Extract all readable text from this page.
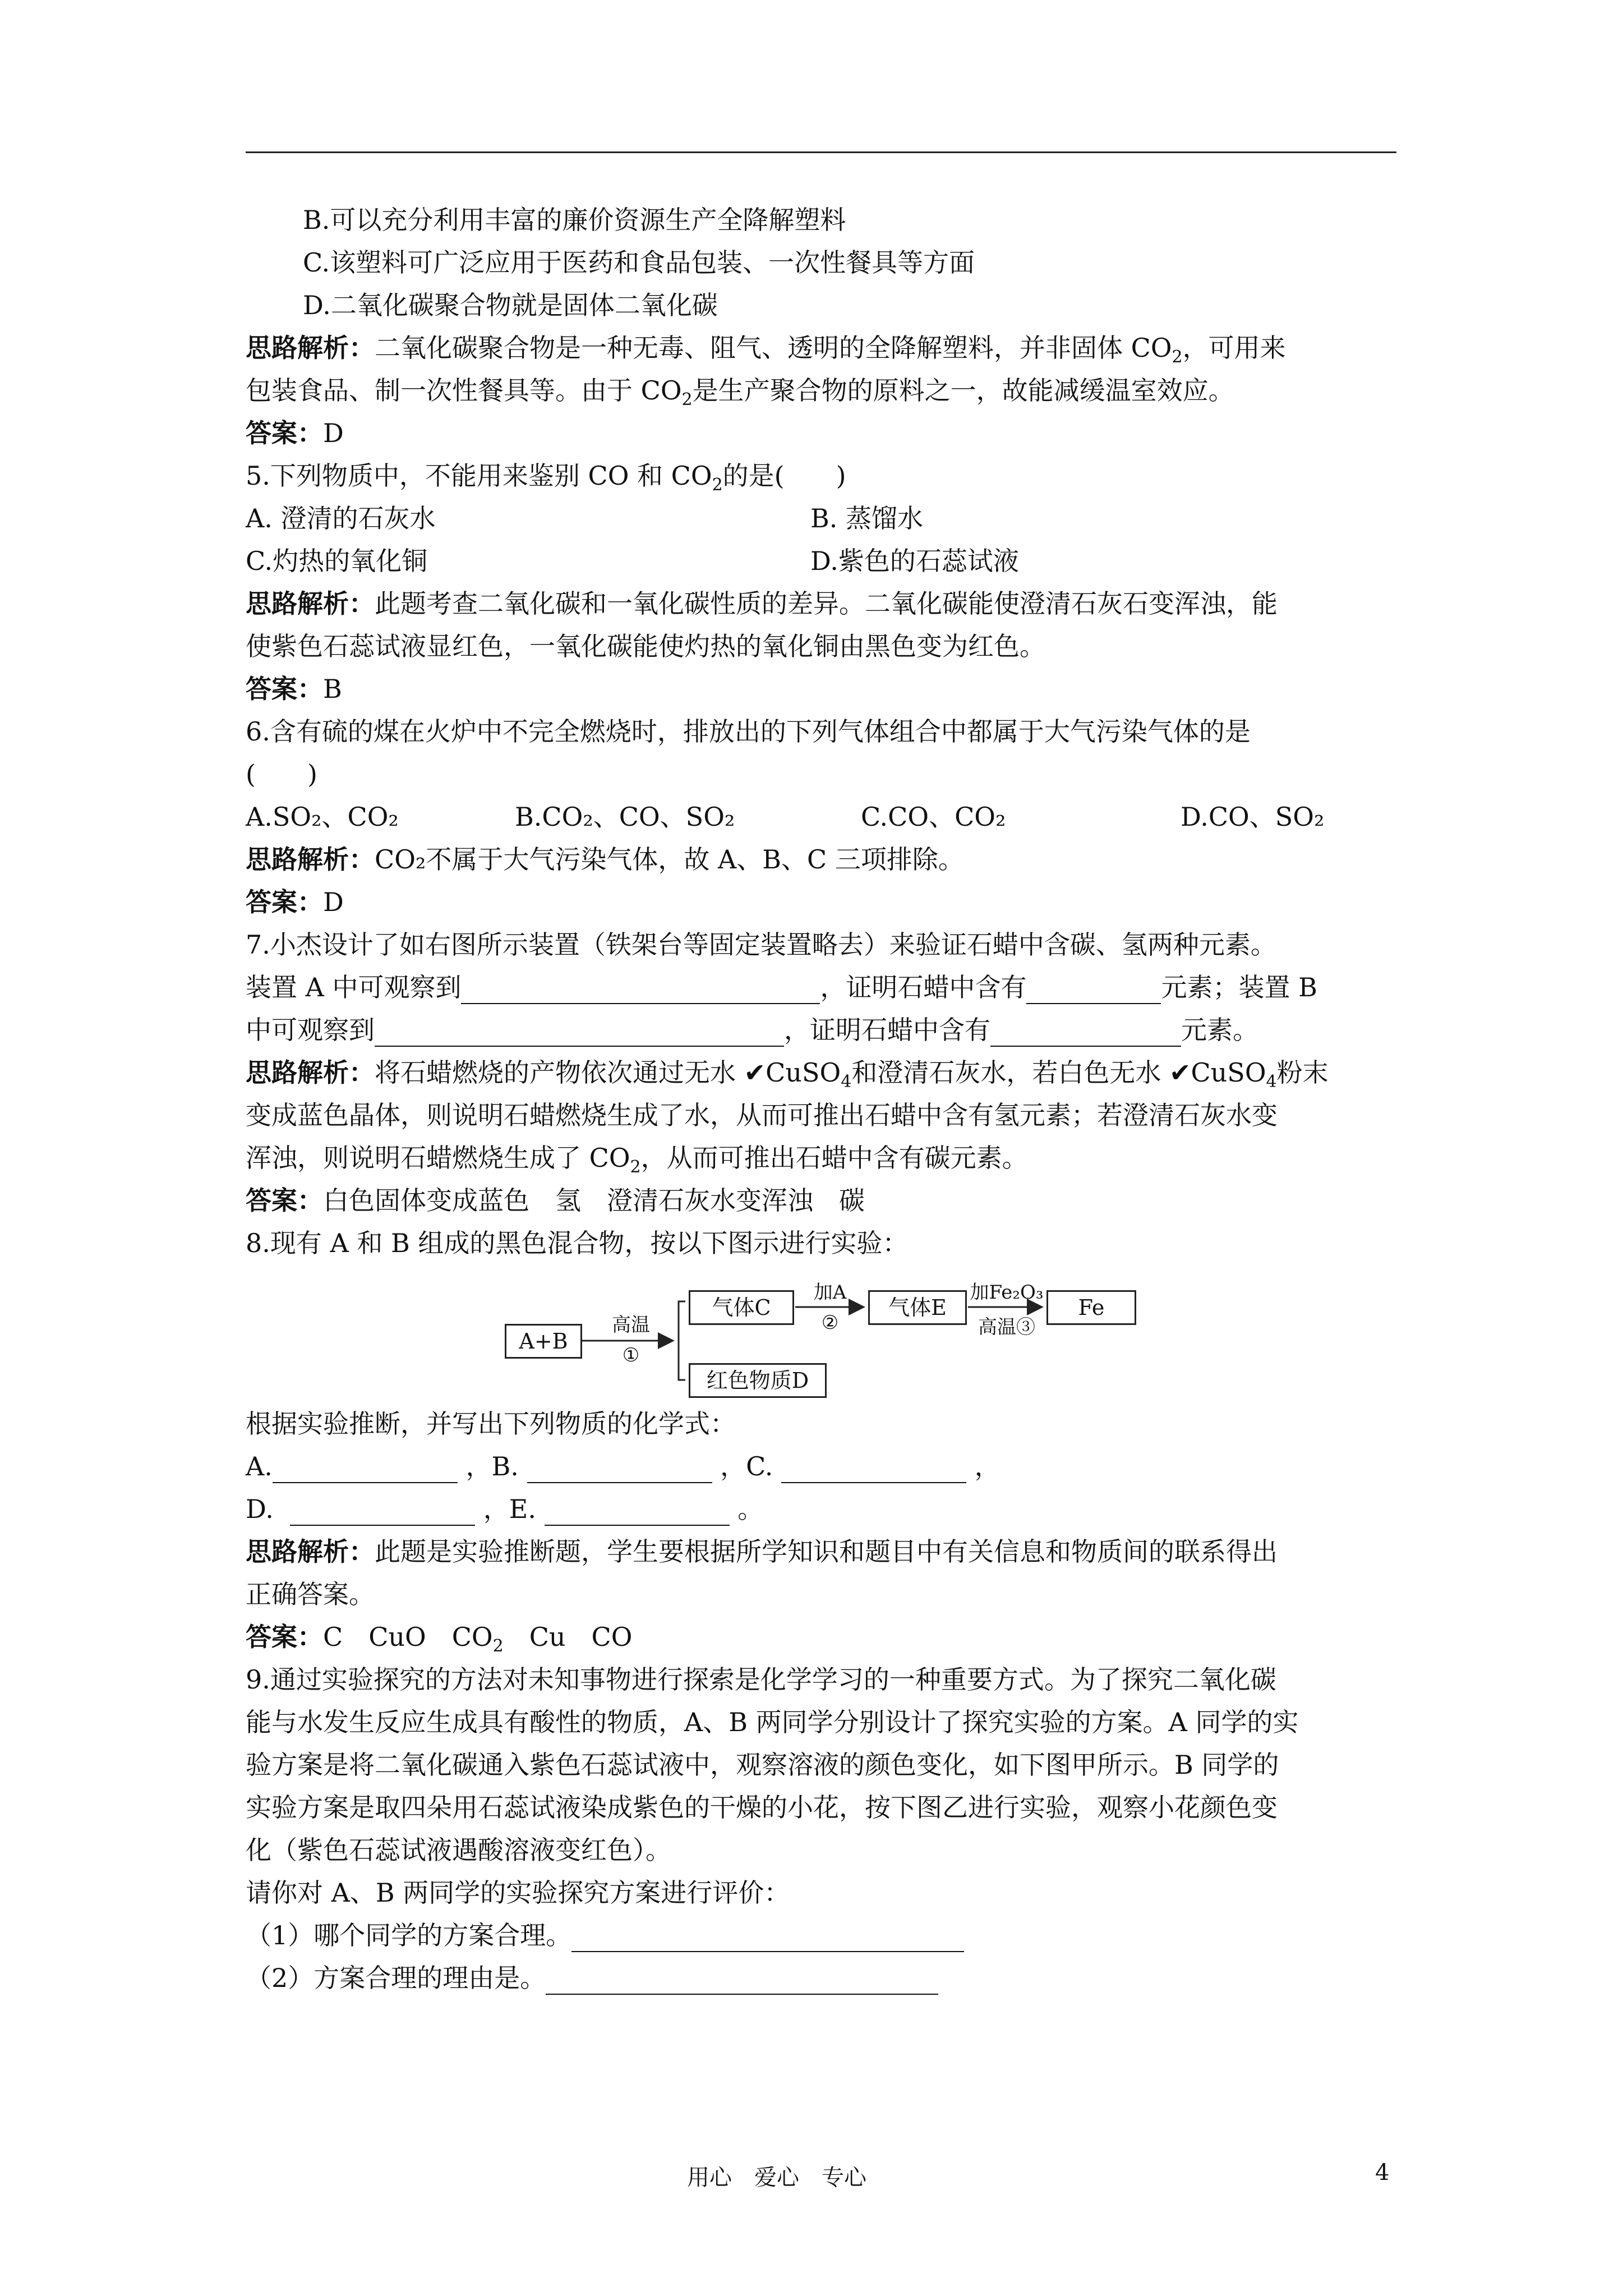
B.可以充分利用丰富的廉价资源生产全降解塑料
C.该塑料可广泛应用于医药和食品包装、一次性餐具等方面
D.二氧化碳聚合物就是固体二氧化碳
思路解析：二氧化碳聚合物是一种无毒、阻气、透明的全降解塑料，并非固体 $CO_2$，可用来
包装食品、制一次性餐具等。由于 $CO_2$是生产聚合物的原料之一，故能减缓温室效应。
答案：D
5.下列物质中，不能用来鉴别 CO 和 $CO_2$的是(　　)
A. 澄清的石灰水	B. 蒸馏水
C.灼热的氧化铜	D.紫色的石蕊试液
思路解析：此题考查二氧化碳和一氧化碳性质的差异。二氧化碳能使澄清石灰石变浑浊，能
使紫色石蕊试液显红色，一氧化碳能使灼热的氧化铜由黑色变为红色。
答案：B
6.含有硫的煤在火炉中不完全燃烧时，排放出的下列气体组合中都属于大气污染气体的是
(　　)
A.SO₂、CO₂	B.CO₂、CO、SO₂	C.CO、CO₂	D.CO、SO₂
思路解析：CO₂不属于大气污染气体，故 A、B、C 三项排除。
答案：D
7.小杰设计了如右图所示装置（铁架台等固定装置略去）来验证石蜡中含碳、氢两种元素。
装置 A 中可观察到	，证明石蜡中含有	元素；装置 B
中可观察到	，证明石蜡中含有	元素。
思路解析：将石蜡燃烧的产物依次通过无水 ✔CuSO$_4$和澄清石灰水，若白色无水 ✔CuSO$_4$粉末
变成蓝色晶体，则说明石蜡燃烧生成了水，从而可推出石蜡中含有氢元素；若澄清石灰水变
浑浊，则说明石蜡燃烧生成了 $CO_2$，从而可推出石蜡中含有碳元素。
答案：白色固体变成蓝色　氢　澄清石灰水变浑浊　碳
8.现有 A 和 B 组成的黑色混合物，按以下图示进行实验：
A+B
高温
①
气体C
加A
②
气体E
加Fe₂O₃
高温③
Fe
红色物质D
根据实验推断，并写出下列物质的化学式：
A.	，B.	，C.	，
D.	，E.	。
思路解析：此题是实验推断题，学生要根据所学知识和题目中有关信息和物质间的联系得出
正确答案。
答案：C　CuO　$CO_2$　Cu　CO
9.通过实验探究的方法对未知事物进行探索是化学学习的一种重要方式。为了探究二氧化碳
能与水发生反应生成具有酸性的物质，A、B 两同学分别设计了探究实验的方案。A 同学的实
验方案是将二氧化碳通入紫色石蕊试液中，观察溶液的颜色变化，如下图甲所示。B 同学的
实验方案是取四朵用石蕊试液染成紫色的干燥的小花，按下图乙进行实验，观察小花颜色变
化（紫色石蕊试液遇酸溶液变红色）。
请你对 A、B 两同学的实验探究方案进行评价：
（1）哪个同学的方案合理。
（2）方案合理的理由是。
用心　爱心　专心	4
